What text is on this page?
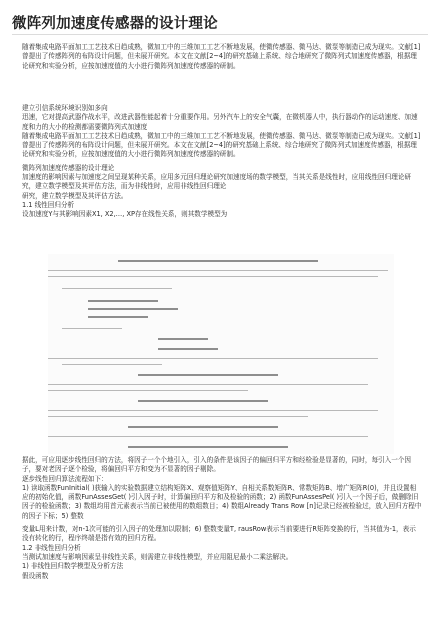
微阵列加速度传感器的设计理论

随着集成电路平面加工工艺技术日趋成熟，微加工中的三维加工工艺不断地发展，使微传感器、微马达、微泵等制造已成为现实。文献[1]曾提出了传感阵列的布阵设计问题，但未展开研究。本文在文献[2~4]的研究基础上系统、综合地研究了微阵列式加速度传感器，根据理论研究和实验分析，应按加速度值的大小进行微阵列加速度传感器的研制。

建立引信系统环境识别如多向

迅速，它对提高武器作战水平，改进武器性能起着十分重要作用。另外汽车上的安全气囊，在微机器人中，执行器动作的运动速度、加速度和力的大小的检测都需要微阵列式加速度

随着集成电路平面加工工艺技术日趋成熟，微加工中的三维加工工艺不断地发展，使微传感器、微马达、微泵等制造已成为现实。文献[1]曾提出了传感阵列的布阵设计问题，但未展开研究。本文在文献[2~4]的研究基础上系统、综合地研究了微阵列式加速度传感器，根据理论研究和实验分析，应按加速度值的大小进行微阵列加速度传感器的研制。

微阵列加速度传感器的设计理论

加速度的影响因素与加速度之间呈现某种关系，应用多元回归理论研究加速度场的数学模型，当其关系是线性时，应用线性回归理论研究，建立数学模型及其评估方法，而为非线性时，应用非线性回归理论

研究，建立数学模型及其评估方法。

1.1 线性回归分析

设加速度Y与其影响因素X1, X2,…, XP存在线性关系，则其数学模型为

据此，可应用逐步线性回归的方法，将因子一个个地引入，引入的条件是该因子的偏回归平方和经检验是显著的，同时，每引入一个因子，要对老因子逐个检验，将偏回归平方和变为不显著的因子剔除。

逐步线性回归算法流程如下：

1) 读取函数FunInitial( )获输入的实验数据建立结构矩阵X、观察值矩阵Y、自相关系数矩阵R、常数矩阵B、增广矩阵R(0)，并且设置相应的初始化值，函数FunAssesGet( )引入因子时，计算偏回归平方和及检验的函数；2) 函数FunAssesPel( )引入一个因子后，做删除旧因子的检验函数；3) 数组均用首元素表示当前已被使用的数组数目；4) 数组Already Trans Row [n]记录已经被检验过，放入回归方程中的因子下标；5) 整数

变量L用来计数，对n-1次可能的引入因子的处理加以限制；6) 整数变量T, rausRow表示当前要进行R矩阵变换的行，当其值为-1，表示没有转化的行，程序终端是指有效的回归方程。

1.2 非线性回归分析

当测试加速度与影响因素呈非线性关系，则需建立非线性模型，并应用阻尼最小二乘法解决。

1) 非线性回归数学模型及分析方法

假设函数
